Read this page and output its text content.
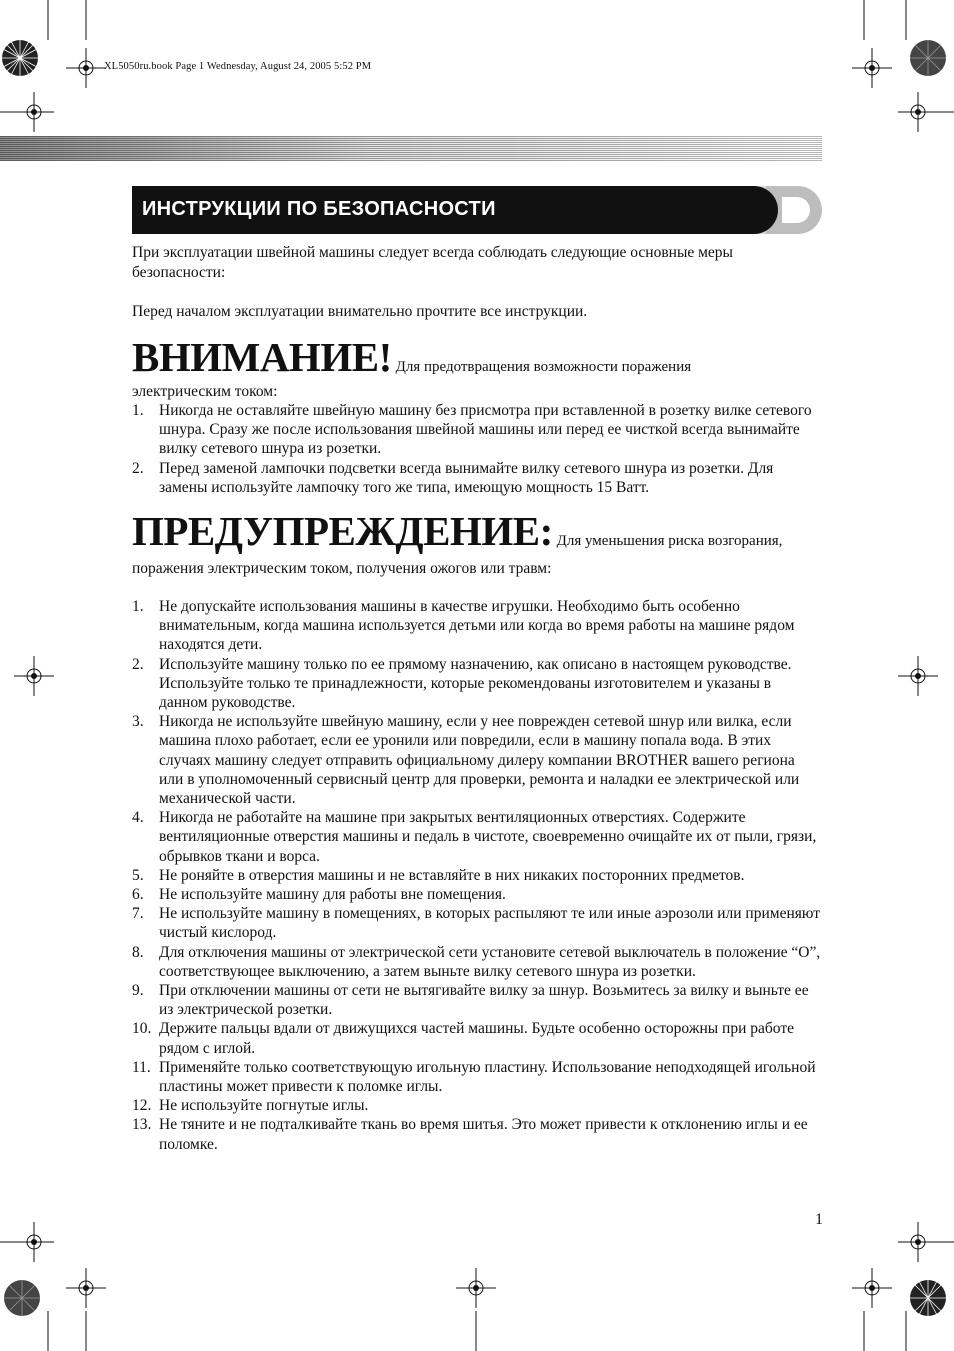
XL5050ru.book Page 1 Wednesday, August 24, 2005 5:52 PM
ИНСТРУКЦИИ ПО БЕЗОПАСНОСТИ
При эксплуатации швейной машины следует всегда соблюдать следующие основные меры безопасности:
Перед началом эксплуатации внимательно прочтите все инструкции.
ВНИМАНИЕ! Для предотвращения возможности поражения
электрическим током:
1. Никогда не оставляйте швейную машину без присмотра при вставленной в розетку вилке сетевого шнура. Сразу же после использования швейной машины или перед ее чисткой всегда вынимайте вилку сетевого шнура из розетки.
2. Перед заменой лампочки подсветки всегда вынимайте вилку сетевого шнура из розетки. Для замены используйте лампочку того же типа, имеющую мощность 15 Ватт.
ПРЕДУПРЕЖДЕНИЕ: Для уменьшения риска возгорания,
поражения электрическим током, получения ожогов или травм:
1. Не допускайте использования машины в качестве игрушки. Необходимо быть особенно внимательным, когда машина используется детьми или когда во время работы на машине рядом находятся дети.
2. Используйте машину только по ее прямому назначению, как описано в настоящем руководстве. Используйте только те принадлежности, которые рекомендованы изготовителем и указаны в данном руководстве.
3. Никогда не используйте швейную машину, если у нее поврежден сетевой шнур или вилка, если машина плохо работает, если ее уронили или повредили, если в машину попала вода. В этих случаях машину следует отправить официальному дилеру компании BROTHER вашего региона или в уполномоченный сервисный центр для проверки, ремонта и наладки ее электрической или механической части.
4. Никогда не работайте на машине при закрытых вентиляционных отверстиях. Содержите вентиляционные отверстия машины и педаль в чистоте, своевременно очищайте их от пыли, грязи, обрывков ткани и ворса.
5. Не роняйте в отверстия машины и не вставляйте в них никаких посторонних предметов.
6. Не используйте машину для работы вне помещения.
7. Не используйте машину в помещениях, в которых распыляют те или иные аэрозоли или применяют чистый кислород.
8. Для отключения машины от электрической сети установите сетевой выключатель в положение “О”, соответствующее выключению, а затем выньте вилку сетевого шнура из розетки.
9. При отключении машины от сети не вытягивайте вилку за шнур. Возьмитесь за вилку и выньте ее из электрической розетки.
10. Держите пальцы вдали от движущихся частей машины. Будьте особенно осторожны при работе рядом с иглой.
11. Применяйте только соответствующую игольную пластину. Использование неподходящей игольной пластины может привести к поломке иглы.
12. Не используйте погнутые иглы.
13. Не тяните и не подталкивайте ткань во время шитья. Это может привести к отклонению иглы и ее поломке.
1
